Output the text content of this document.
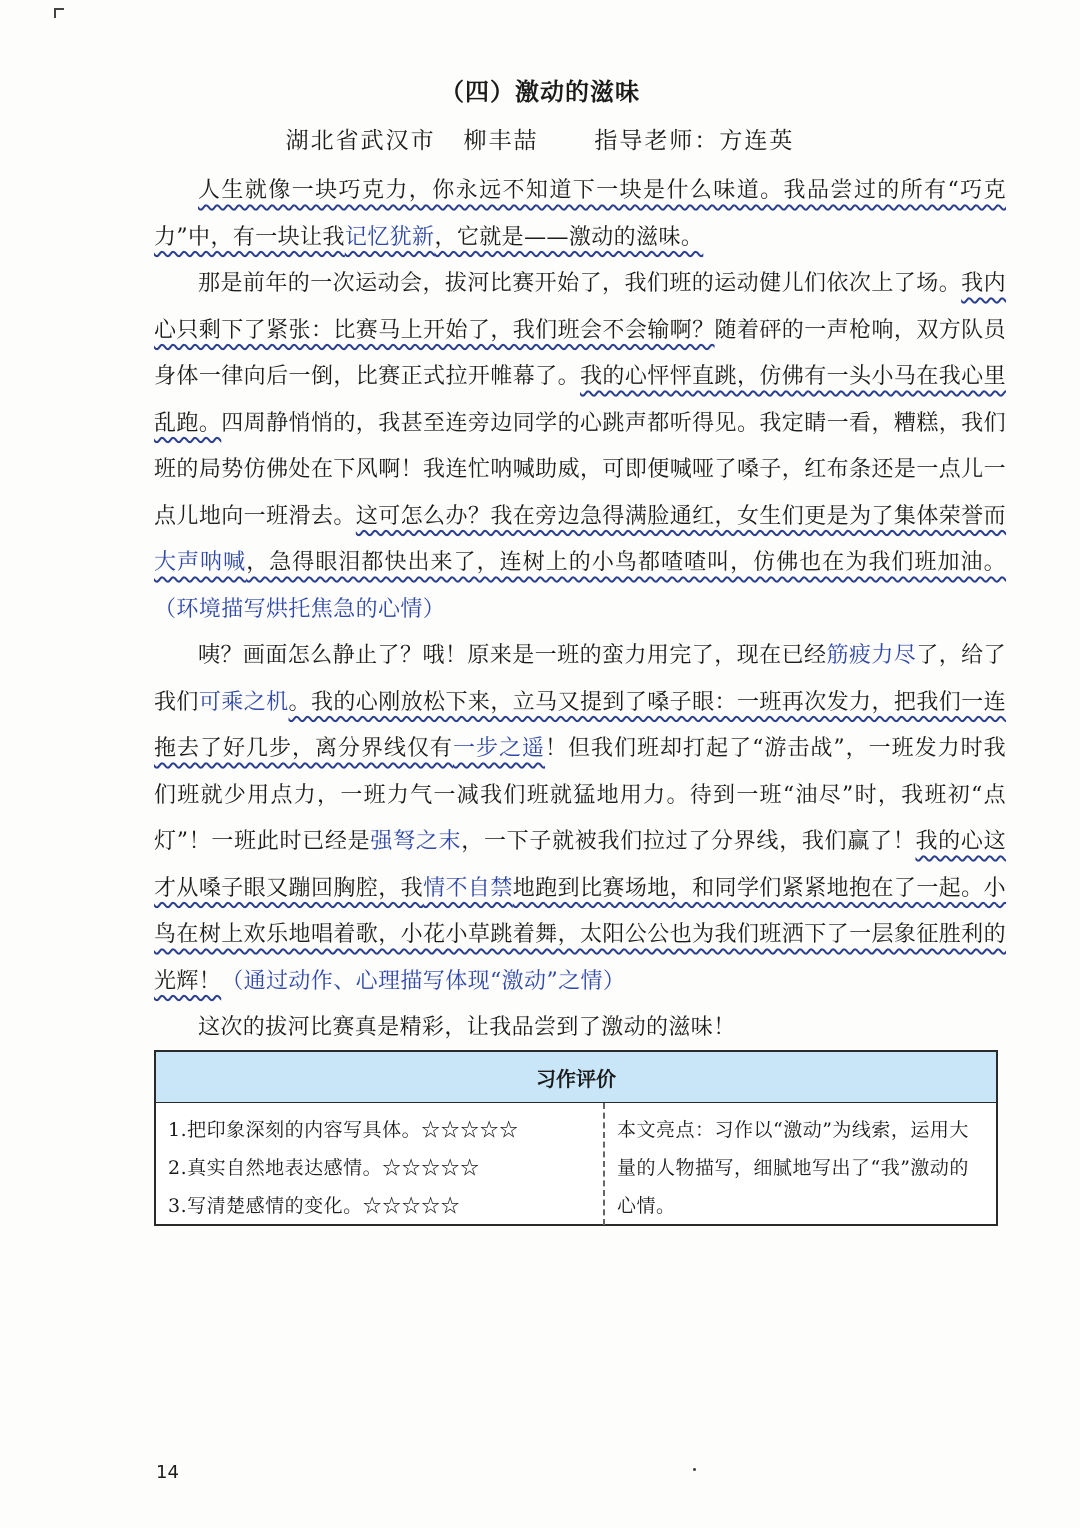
（四）激动的滋味
湖北省武汉市   柳丰喆      指导老师：方连英

人生就像一块巧克力，你永远不知道下一块是什么味道。我品尝过的所有“巧克力”中，有一块让我记忆犹新，它就是——激动的滋味。

那是前年的一次运动会，拔河比赛开始了，我们班的运动健儿们依次上了场。我内心只剩下了紧张：比赛马上开始了，我们班会不会输啊？随着砰的一声枪响，双方队员身体一律向后一倒，比赛正式拉开帷幕了。我的心怦怦直跳，仿佛有一头小马在我心里乱跑。四周静悄悄的，我甚至连旁边同学的心跳声都听得见。我定睛一看，糟糕，我们班的局势仿佛处在下风啊！我连忙呐喊助威，可即便喊哑了嗓子，红布条还是一点儿一点儿地向一班滑去。这可怎么办？我在旁边急得满脸通红，女生们更是为了集体荣誉而大声呐喊，急得眼泪都快出来了，连树上的小鸟都喳喳叫，仿佛也在为我们班加油。（环境描写烘托焦急的心情）

咦？画面怎么静止了？哦！原来是一班的蛮力用完了，现在已经筋疲力尽了，给了我们可乘之机。我的心刚放松下来，立马又提到了嗓子眼：一班再次发力，把我们一连拖去了好几步，离分界线仅有一步之遥！但我们班却打起了“游击战”，一班发力时我们班就少用点力，一班力气一减我们班就猛地用力。待到一班“油尽”时，我班初“点灯”！一班此时已经是强弩之末，一下子就被我们拉过了分界线，我们赢了！我的心这才从嗓子眼又蹦回胸腔，我情不自禁地跑到比赛场地，和同学们紧紧地抱在了一起。小鸟在树上欢乐地唱着歌，小花小草跳着舞，太阳公公也为我们班洒下了一层象征胜利的光辉！（通过动作、心理描写体现“激动”之情）

这次的拔河比赛真是精彩，让我品尝到了激动的滋味！

习作评价
1.把印象深刻的内容写具体。☆☆☆☆☆
2.真实自然地表达感情。☆☆☆☆☆
3.写清楚感情的变化。☆☆☆☆☆
本文亮点：习作以“激动”为线索，运用大量的人物描写，细腻地写出了“我”激动的心情。
14
